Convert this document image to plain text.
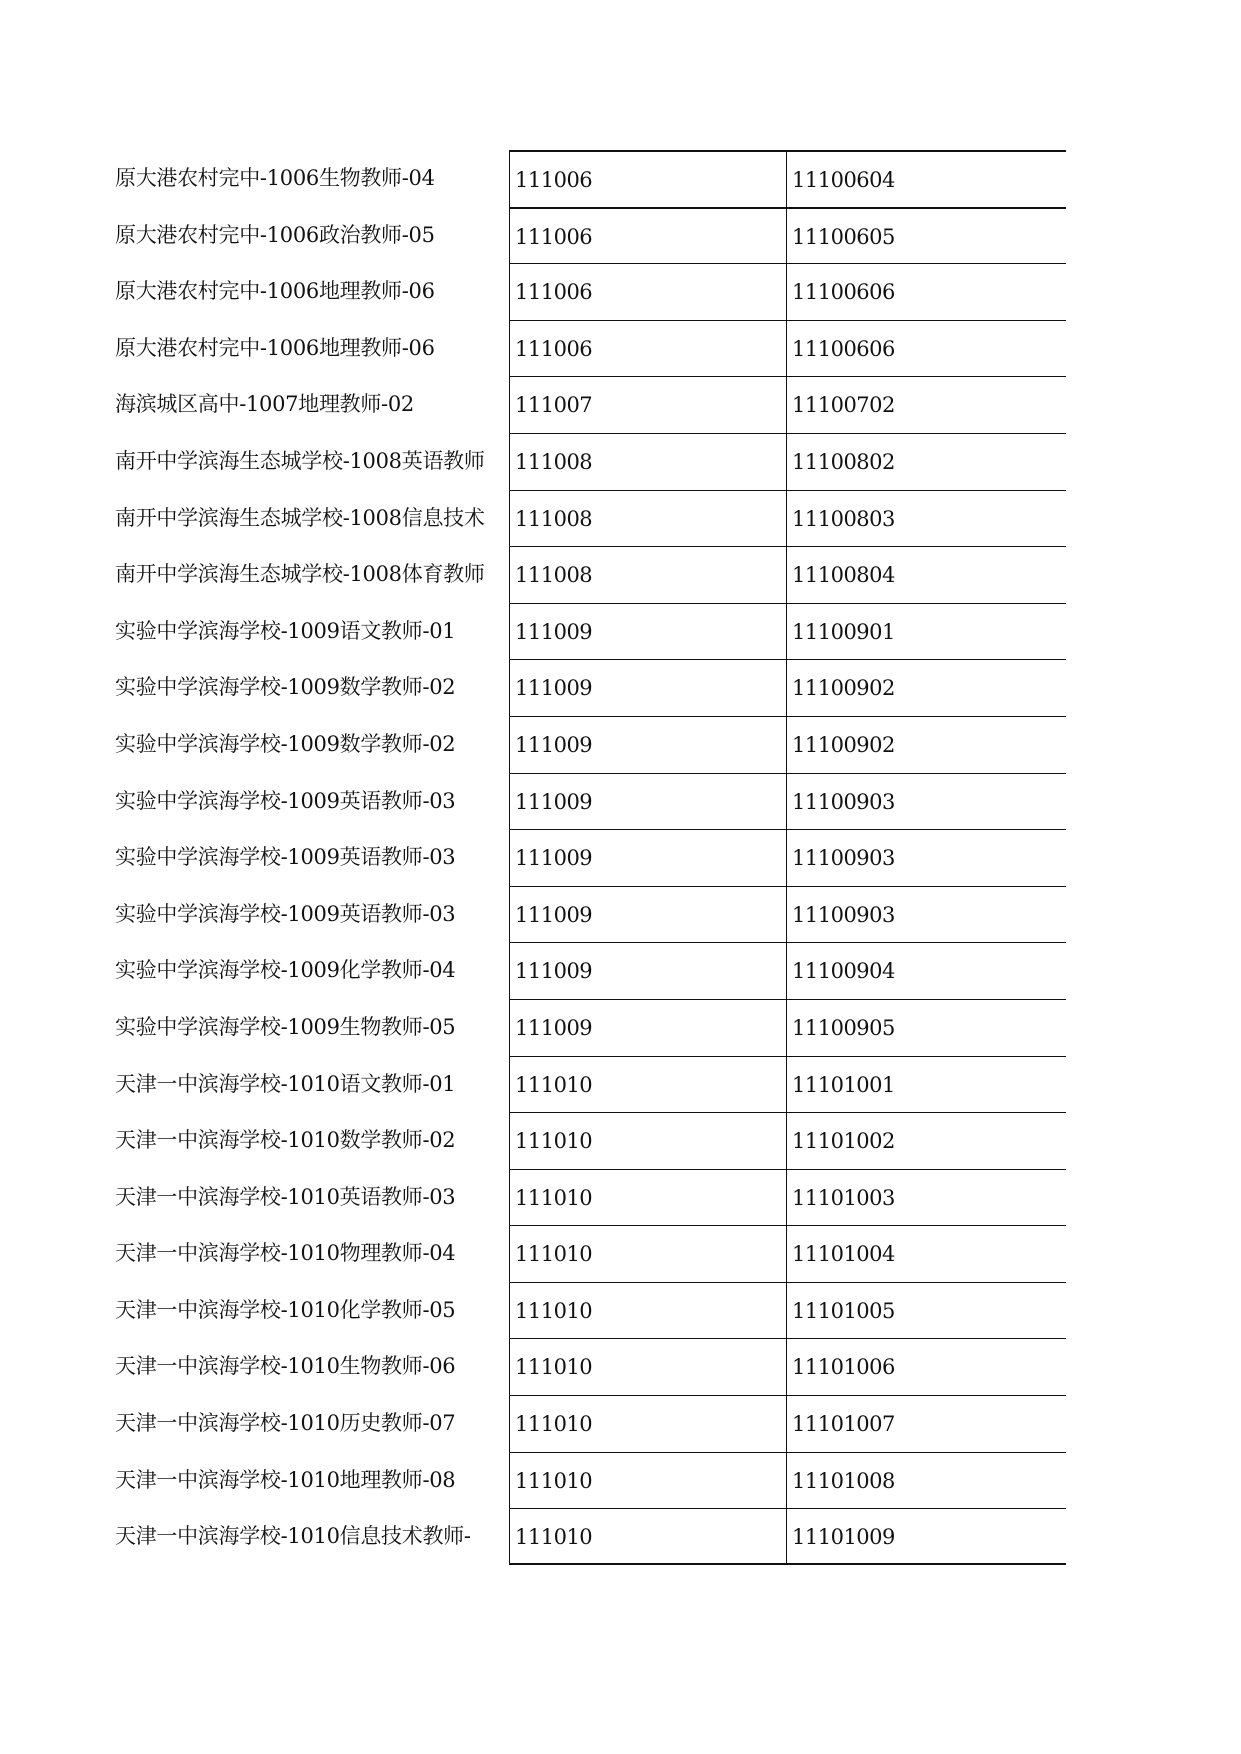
原大港农村完中-1006生物教师-04	111006	11100604
原大港农村完中-1006政治教师-05	111006	11100605
原大港农村完中-1006地理教师-06	111006	11100606
原大港农村完中-1006地理教师-06	111006	11100606
海滨城区高中-1007地理教师-02	111007	11100702
南开中学滨海生态城学校-1008英语教师	111008	11100802
南开中学滨海生态城学校-1008信息技术	111008	11100803
南开中学滨海生态城学校-1008体育教师	111008	11100804
实验中学滨海学校-1009语文教师-01	111009	11100901
实验中学滨海学校-1009数学教师-02	111009	11100902
实验中学滨海学校-1009数学教师-02	111009	11100902
实验中学滨海学校-1009英语教师-03	111009	11100903
实验中学滨海学校-1009英语教师-03	111009	11100903
实验中学滨海学校-1009英语教师-03	111009	11100903
实验中学滨海学校-1009化学教师-04	111009	11100904
实验中学滨海学校-1009生物教师-05	111009	11100905
天津一中滨海学校-1010语文教师-01	111010	11101001
天津一中滨海学校-1010数学教师-02	111010	11101002
天津一中滨海学校-1010英语教师-03	111010	11101003
天津一中滨海学校-1010物理教师-04	111010	11101004
天津一中滨海学校-1010化学教师-05	111010	11101005
天津一中滨海学校-1010生物教师-06	111010	11101006
天津一中滨海学校-1010历史教师-07	111010	11101007
天津一中滨海学校-1010地理教师-08	111010	11101008
天津一中滨海学校-1010信息技术教师-	111010	11101009
